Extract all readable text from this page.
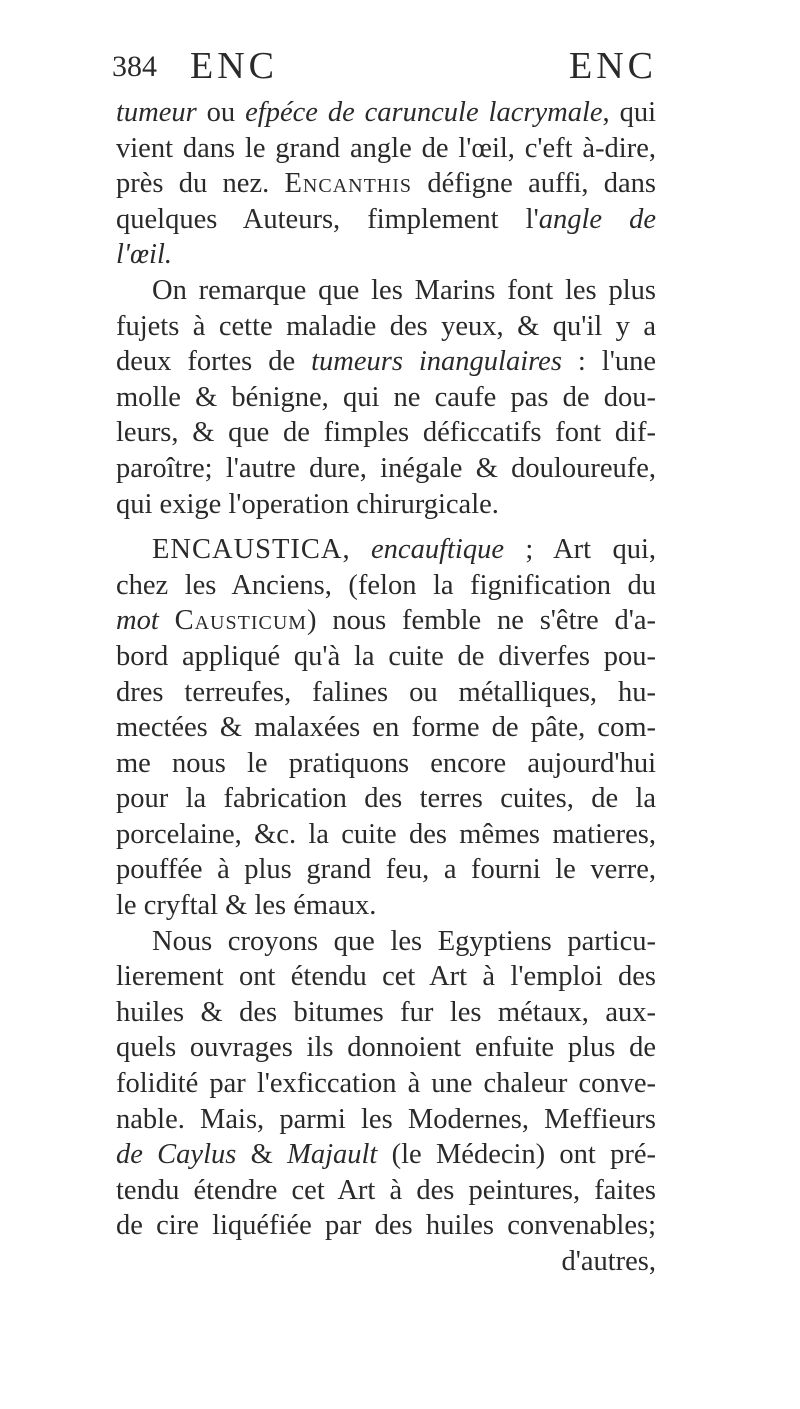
384 ENC	ENC
tumeur ou efpéce de caruncule lacrymale, qui
vient dans le grand angle de l'œil, c'eft à-dire,
près du nez. Encanthis défigne auffi, dans
quelques Auteurs, fimplement l'angle de
l'œil.
On remarque que les Marins font les plus
fujets à cette maladie des yeux, & qu'il y a
deux fortes de tumeurs inangulaires : l'une
molle & bénigne, qui ne caufe pas de dou-
leurs, & que de fimples déficcatifs font dif-
paroître; l'autre dure, inégale & douloureufe,
qui exige l'operation chirurgicale.
ENCAUSTICA, encauftique ; Art qui,
chez les Anciens, (felon la fignification du
mot Causticum) nous femble ne s'être d'a-
bord appliqué qu'à la cuite de diverfes pou-
dres terreufes, falines ou métalliques, hu-
mectées & malaxées en forme de pâte, com-
me nous le pratiquons encore aujourd'hui
pour la fabrication des terres cuites, de la
porcelaine, &c. la cuite des mêmes matieres,
pouffée à plus grand feu, a fourni le verre,
le cryftal & les émaux.
Nous croyons que les Egyptiens particu-
lierement ont étendu cet Art à l'emploi des
huiles & des bitumes fur les métaux, aux-
quels ouvrages ils donnoient enfuite plus de
folidité par l'exficcation à une chaleur conve-
nable. Mais, parmi les Modernes, Meffieurs
de Caylus & Majault (le Médecin) ont pré-
tendu étendre cet Art à des peintures, faites
de cire liquéfiée par des huiles convenables;
d'autres,
